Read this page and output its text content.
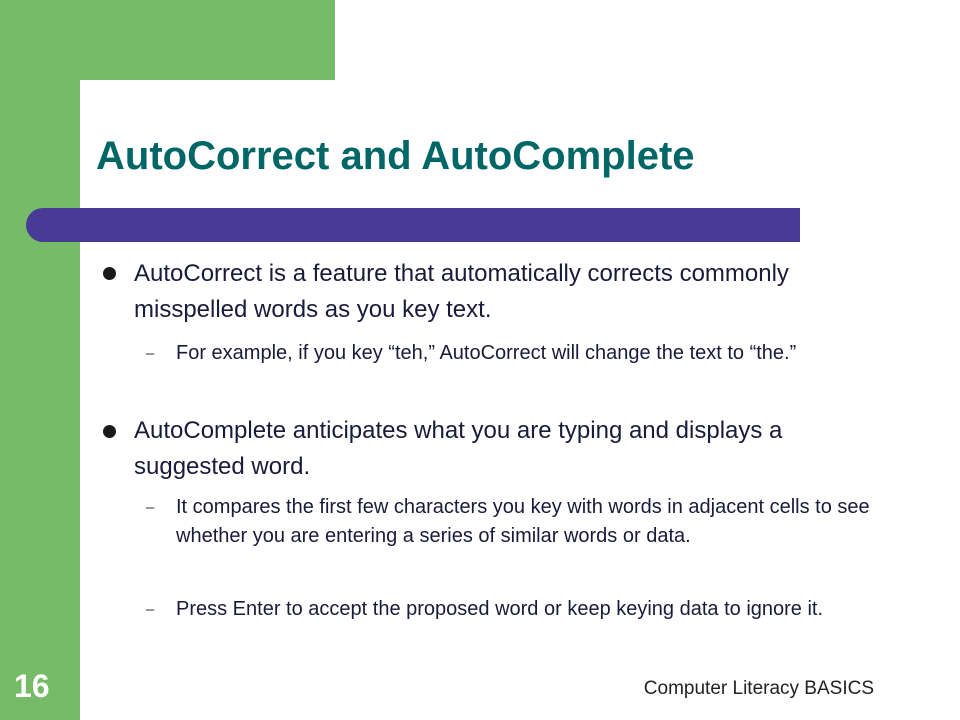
AutoCorrect and AutoComplete
AutoCorrect is a feature that automatically corrects commonly misspelled words as you key text.
– For example, if you key “teh,” AutoCorrect will change the text to “the.”
AutoComplete anticipates what you are typing and displays a suggested word.
– It compares the first few characters you key with words in adjacent cells to see whether you are entering a series of similar words or data.
– Press Enter to accept the proposed word or keep keying data to ignore it.
16	Computer Literacy BASICS
